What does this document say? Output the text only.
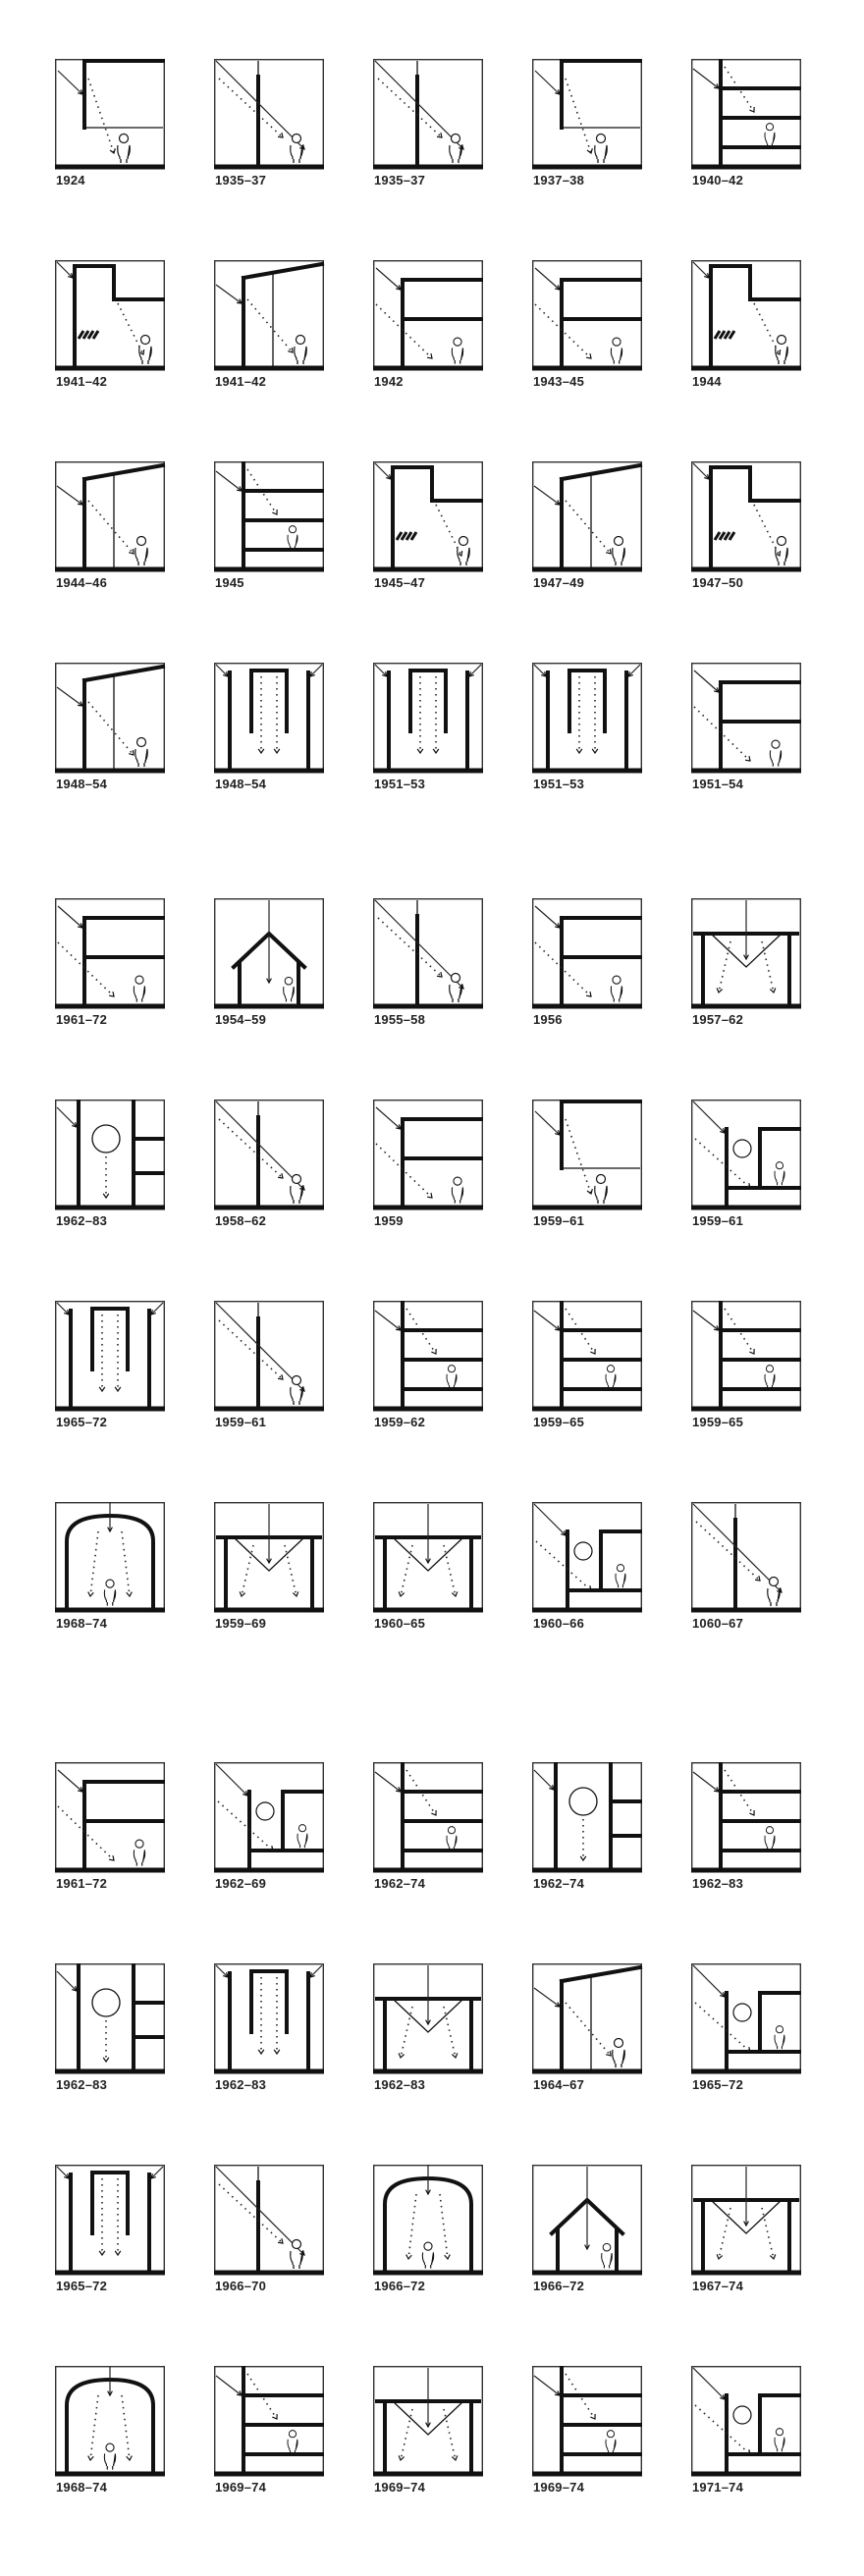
1924	1935–37	1935–37	1937–38	1940–42
1941–42	1941–42	1942	1943–45	1944
1944–46	1945	1945–47	1947–49	1947–50
1948–54	1948–54	1951–53	1951–53	1951–54
1961–72	1954–59	1955–58	1956	1957–62
1962–83	1958–62	1959	1959–61	1959–61
1965–72	1959–61	1959–62	1959–65	1959–65
1968–74	1959–69	1960–65	1960–66	1060–67
1961–72	1962–69	1962–74	1962–74	1962–83
1962–83	1962–83	1962–83	1964–67	1965–72
1965–72	1966–70	1966–72	1966–72	1967–74
1968–74	1969–74	1969–74	1969–74	1971–74
